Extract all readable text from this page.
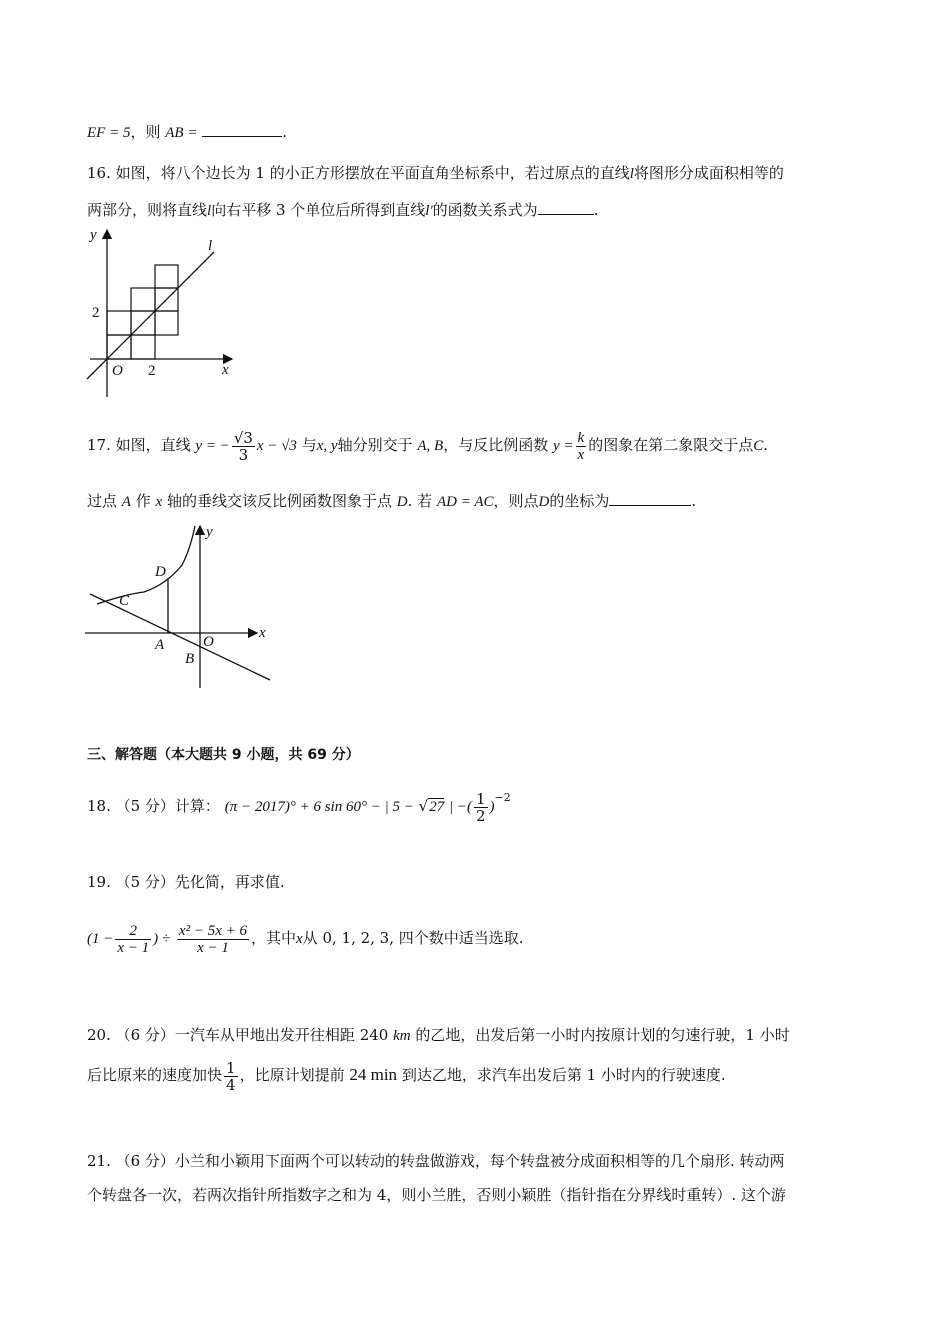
EF = 5，则 AB =	.
16. 如图，将八个边长为 1 的小正方形摆放在平面直角坐标系中，若过原点的直线l将图形分成面积相等的
两部分，则将直线l向右平移 3 个单位后所得到直线l'的函数关系式为	.
y
l
2
O 2	x
17. 如图，直线 y = − $\frac{√3}{3}$ x − √3 与x, y轴分别交于 A, B，与反比例函数 $y = \frac{k}{x}$ 的图象在第二象限交于点C.
过点 A 作 x 轴的垂线交该反比例函数图象于点 D. 若 AD = AC，则点D的坐标为	.
y
D
C
A	O
B
x
三、解答题（本大题共 9 小题，共 69 分）
18. （5 分）计算： (π − 2017)° + 6 sin 60° − | 5 − √27 | −( $\frac{1}{2} )^{-2}$
19. （5 分）先化简，再求值.
($1 - \frac{2}{x - 1}$ ) ÷ $\frac{\text{x² − 5x + 6}}{x - 1}$ ，其中x从 0, 1, 2, 3, 四个数中适当选取.
20. （6 分）一汽车从甲地出发开往相距 240 km 的乙地，出发后第一小时内按原计划的匀速行驶，1 小时
后比原来的速度加快 $\frac{1}{4}$ ，比原计划提前 24 min 到达乙地，求汽车出发后第 1 小时内的行驶速度.
21. （6 分）小兰和小颖用下面两个可以转动的转盘做游戏，每个转盘被分成面积相等的几个扇形. 转动两
个转盘各一次，若两次指针所指数字之和为 4，则小兰胜，否则小颖胜（指针指在分界线时重转）. 这个游
